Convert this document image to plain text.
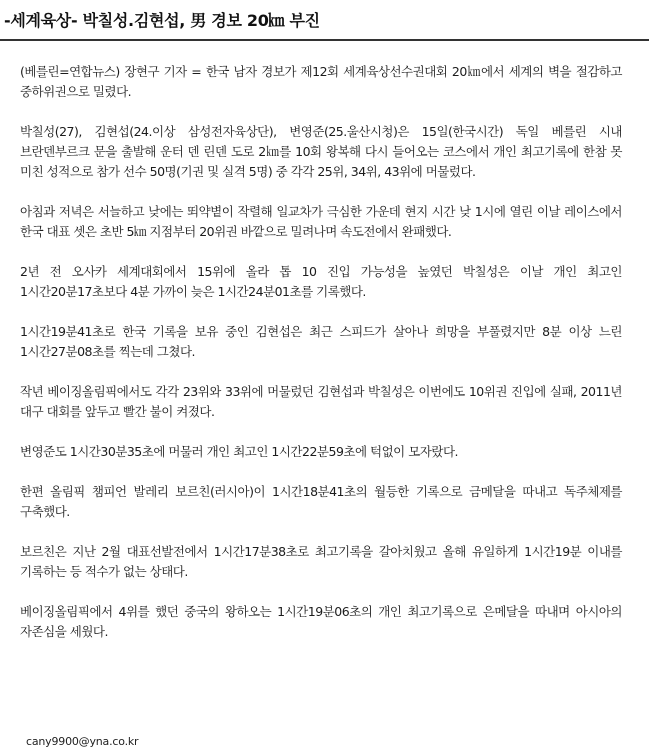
-세계육상- 박칠성.김현섭, 男 경보 20㎞ 부진

(베를린=연합뉴스) 장현구 기자 = 한국 남자 경보가 제12회 세계육상선수권대회 20㎞에서 세계의 벽을 절감하고 중하위권으로 밀렸다.

박칠성(27), 김현섭(24.이상 삼성전자육상단), 변영준(25.울산시청)은 15일(한국시간) 독일 베를린 시내 브란덴부르크 문을 출발해 운터 덴 린덴 도로 2㎞를 10회 왕복해 다시 들어오는 코스에서 개인 최고기록에 한참 못 미친 성적으로 참가 선수 50명(기권 및 실격 5명) 중 각각 25위, 34위, 43위에 머물렀다.

아침과 저녁은 서늘하고 낮에는 뙤약볕이 작렬해 일교차가 극심한 가운데 현지 시간 낮 1시에 열린 이날 레이스에서 한국 대표 셋은 초반 5㎞ 지점부터 20위권 바깥으로 밀려나며 속도전에서 완패했다.

2년 전 오사카 세계대회에서 15위에 올라 톱 10 진입 가능성을 높였던 박칠성은 이날 개인 최고인 1시간20분17초보다 4분 가까이 늦은 1시간24분01초를 기록했다.

1시간19분41초로 한국 기록을 보유 중인 김현섭은 최근 스피드가 살아나 희망을 부풀렸지만 8분 이상 느린 1시간27분08초를 찍는데 그쳤다.

작년 베이징올림픽에서도 각각 23위와 33위에 머물렀던 김현섭과 박칠성은 이번에도 10위권 진입에 실패, 2011년 대구 대회를 앞두고 빨간 불이 켜졌다.

변영준도 1시간30분35초에 머물러 개인 최고인 1시간22분59초에 턱없이 모자랐다.

한편 올림픽 챔피언 발레리 보르친(러시아)이 1시간18분41초의 월등한 기록으로 금메달을 따내고 독주체제를 구축했다.

보르친은 지난 2월 대표선발전에서 1시간17분38초로 최고기록을 갈아치웠고 올해 유일하게 1시간19분 이내를 기록하는 등 적수가 없는 상태다.

베이징올림픽에서 4위를 했던 중국의 왕하오는 1시간19분06초의 개인 최고기록으로 은메달을 따내며 아시아의 자존심을 세웠다.

cany9900@yna.co.kr
